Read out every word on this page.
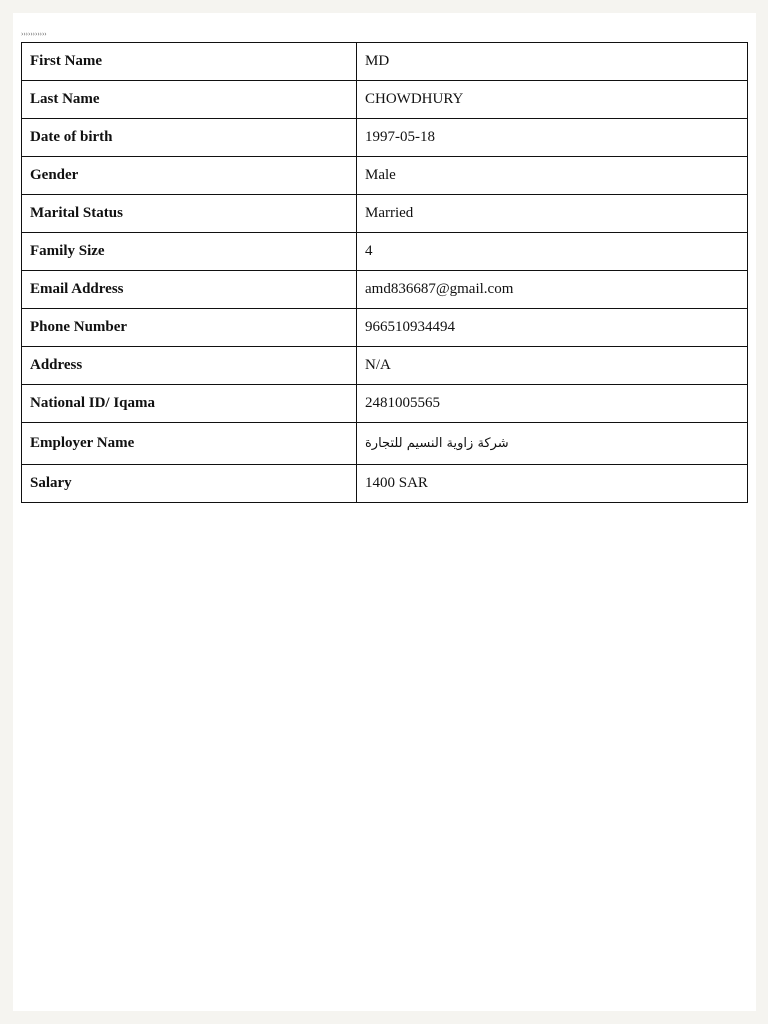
›››››››››››
First Name	MD
Last Name	CHOWDHURY
Date of birth	1997-05-18
Gender	Male
Marital Status	Married
Family Size	4
Email Address	amd836687@gmail.com
Phone Number	966510934494
Address	N/A
National ID/ Iqama	2481005565
Employer Name	شركة زاوية النسيم للتجارة
Salary	1400 SAR
